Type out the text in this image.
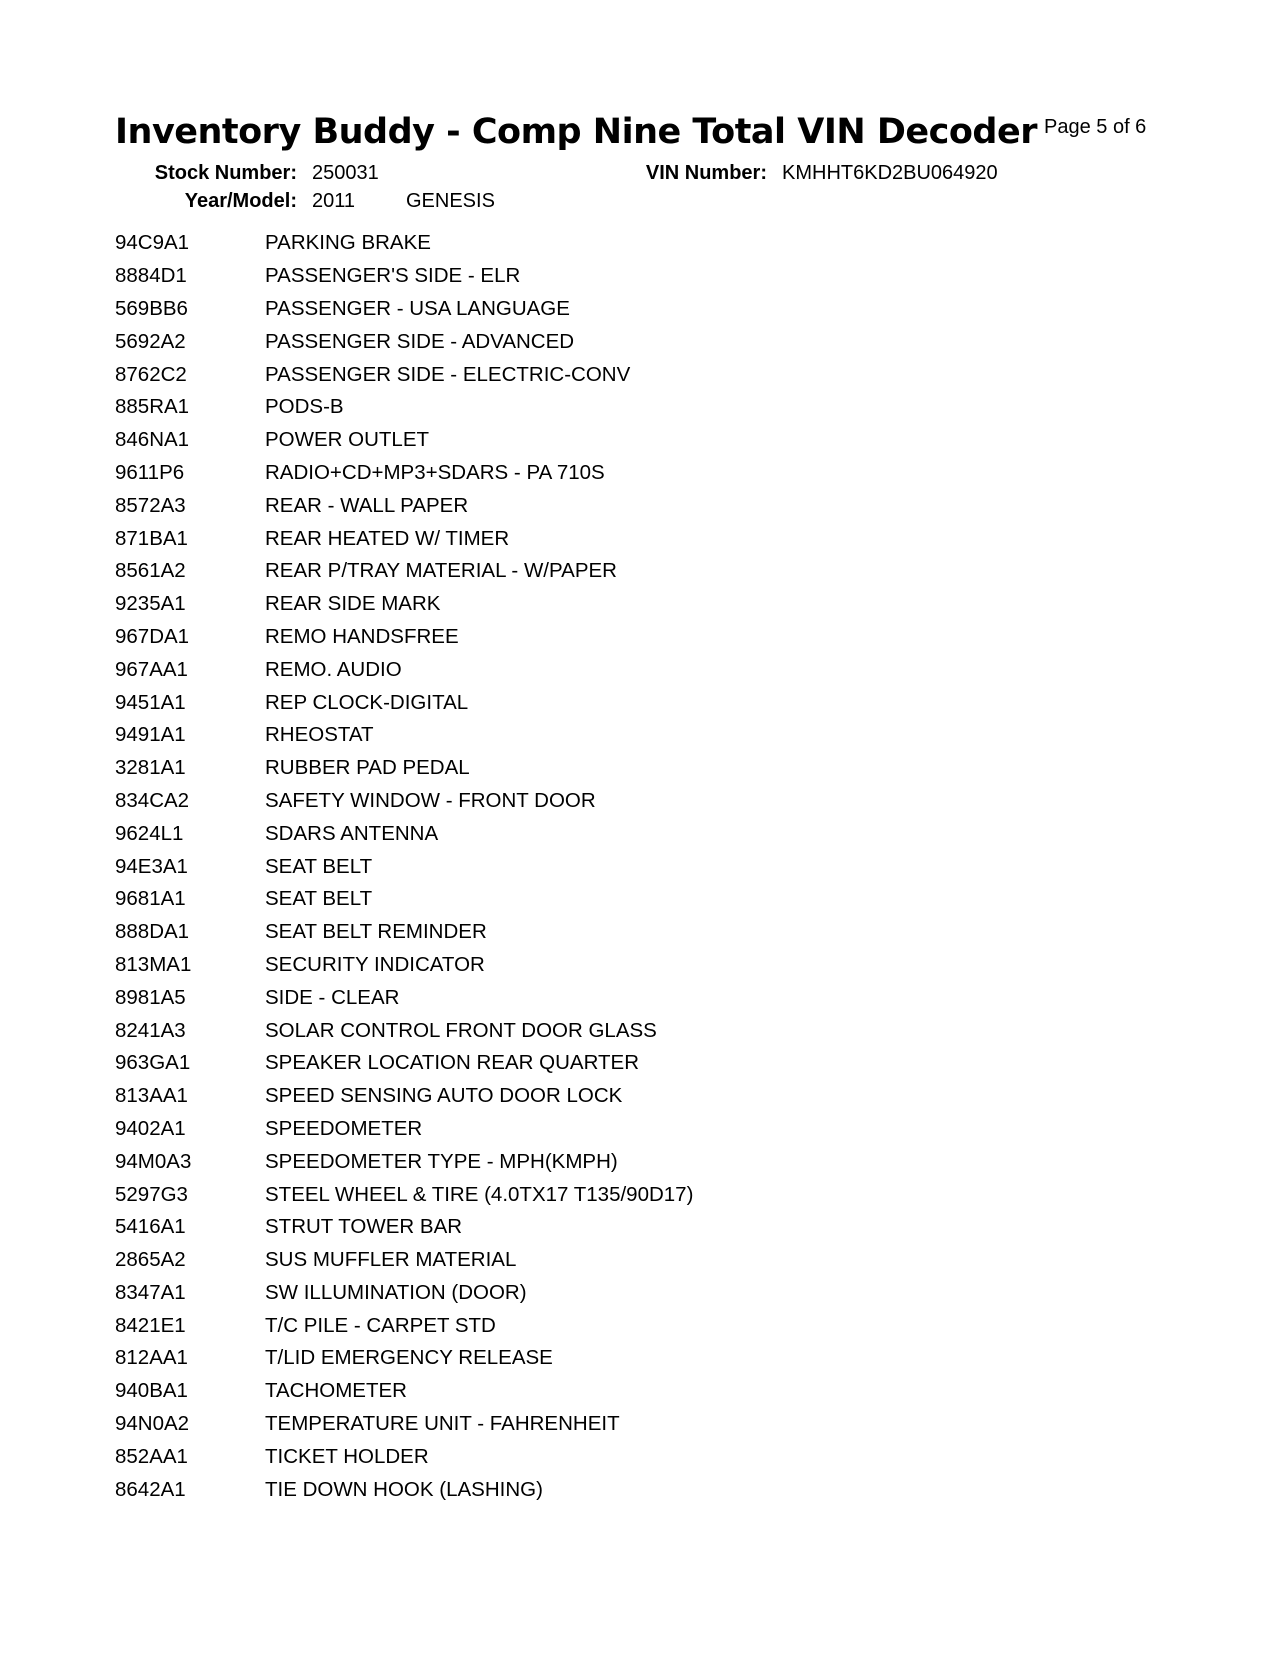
Inventory Buddy - Comp Nine Total VIN Decoder Page 5 of 6
Stock Number: 250031	VIN Number: KMHHT6KD2BU064920
Year/Model: 2011	GENESIS
94C9A1	PARKING BRAKE
8884D1	PASSENGER'S SIDE - ELR
569BB6	PASSENGER - USA LANGUAGE
5692A2	PASSENGER SIDE - ADVANCED
8762C2	PASSENGER SIDE - ELECTRIC-CONV
885RA1	PODS-B
846NA1	POWER OUTLET
9611P6	RADIO+CD+MP3+SDARS - PA 710S
8572A3	REAR - WALL PAPER
871BA1	REAR HEATED W/ TIMER
8561A2	REAR P/TRAY MATERIAL - W/PAPER
9235A1	REAR SIDE MARK
967DA1	REMO HANDSFREE
967AA1	REMO. AUDIO
9451A1	REP CLOCK-DIGITAL
9491A1	RHEOSTAT
3281A1	RUBBER PAD PEDAL
834CA2	SAFETY WINDOW - FRONT DOOR
9624L1	SDARS ANTENNA
94E3A1	SEAT BELT
9681A1	SEAT BELT
888DA1	SEAT BELT REMINDER
813MA1	SECURITY INDICATOR
8981A5	SIDE - CLEAR
8241A3	SOLAR CONTROL FRONT DOOR GLASS
963GA1	SPEAKER LOCATION REAR QUARTER
813AA1	SPEED SENSING AUTO DOOR LOCK
9402A1	SPEEDOMETER
94M0A3	SPEEDOMETER TYPE - MPH(KMPH)
5297G3	STEEL WHEEL & TIRE (4.0TX17 T135/90D17)
5416A1	STRUT TOWER BAR
2865A2	SUS MUFFLER MATERIAL
8347A1	SW ILLUMINATION (DOOR)
8421E1	T/C PILE - CARPET STD
812AA1	T/LID EMERGENCY RELEASE
940BA1	TACHOMETER
94N0A2	TEMPERATURE UNIT - FAHRENHEIT
852AA1	TICKET HOLDER
8642A1	TIE DOWN HOOK (LASHING)
